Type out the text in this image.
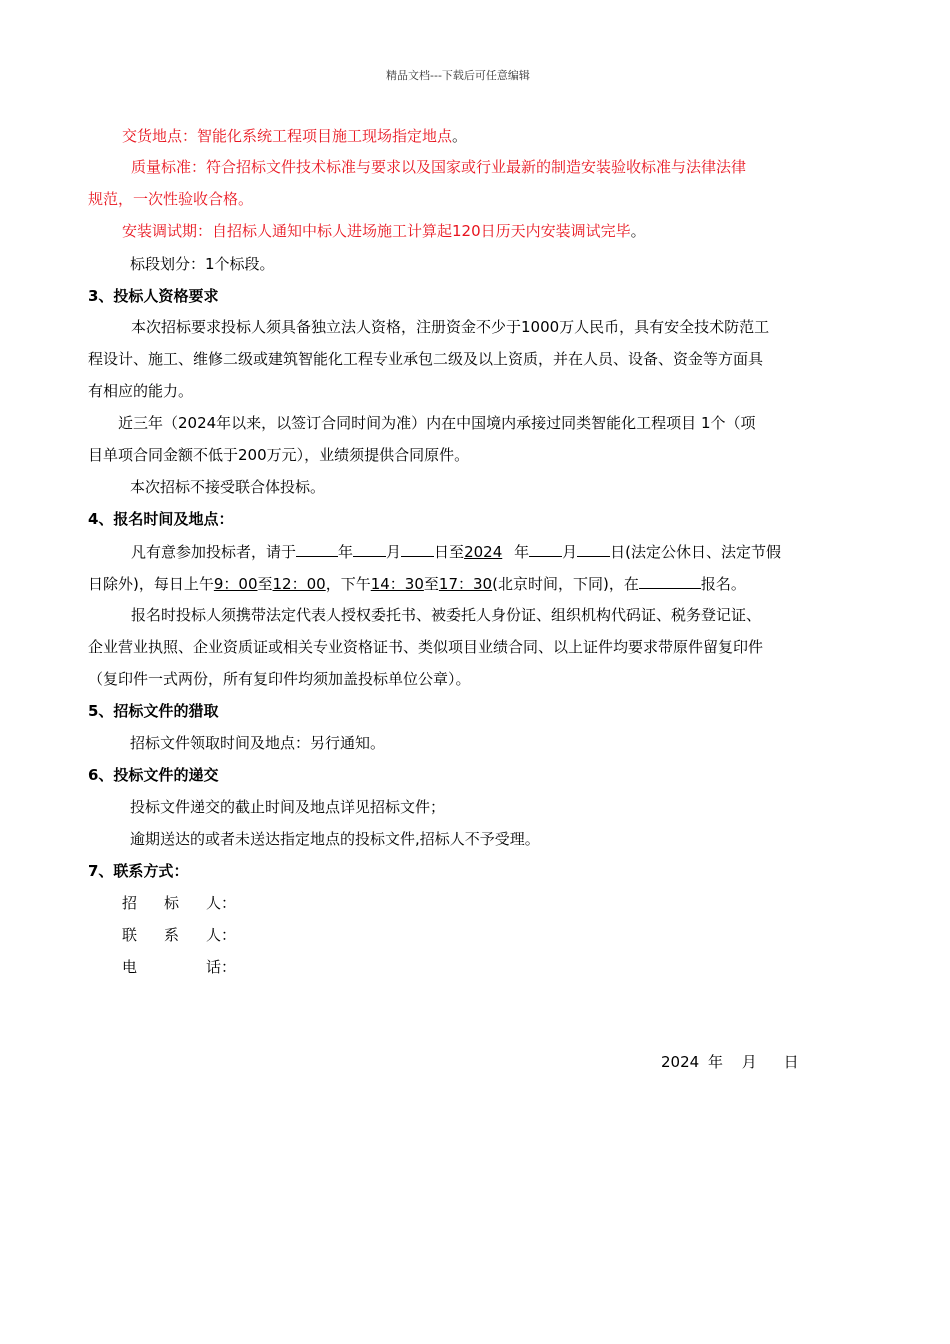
精品文档---下载后可任意编辑
交货地点：智能化系统工程项目施工现场指定地点。
质量标准：符合招标文件技术标准与要求以及国家或行业最新的制造安装验收标准与法律法律
规范，一次性验收合格。
安装调试期：自招标人通知中标人进场施工计算起120日历天内安装调试完毕。
标段划分：1个标段。
3、投标人资格要求
本次招标要求投标人须具备独立法人资格，注册资金不少于1000万人民币，具有安全技术防范工
程设计、施工、维修二级或建筑智能化工程专业承包二级及以上资质，并在人员、设备、资金等方面具
有相应的能力。
近三年（2024年以来，以签订合同时间为准）内在中国境内承接过同类智能化工程项目 1个（项
目单项合同金额不低于200万元），业绩须提供合同原件。
本次招标不接受联合体投标。
4、报名时间及地点：
凡有意参加投标者，请于	年 月 日至2024 年 月 日(法定公休日、法定节假
日除外)，每日上午9：00至12：00，下午14：30至17：30(北京时间，下同)，在	报名。
报名时投标人须携带法定代表人授权委托书、被委托人身份证、组织机构代码证、税务登记证、
企业营业执照、企业资质证或相关专业资格证书、类似项目业绩合同、以上证件均要求带原件留复印件
（复印件一式两份，所有复印件均须加盖投标单位公章）。
5、招标文件的猎取
招标文件领取时间及地点：另行通知。
6、投标文件的递交
投标文件递交的截止时间及地点详见招标文件；
逾期送达的或者未送达指定地点的投标文件,招标人不予受理。
7、联系方式：
招 标 人：
联 系 人：
电	话：
2024 年 月 日
